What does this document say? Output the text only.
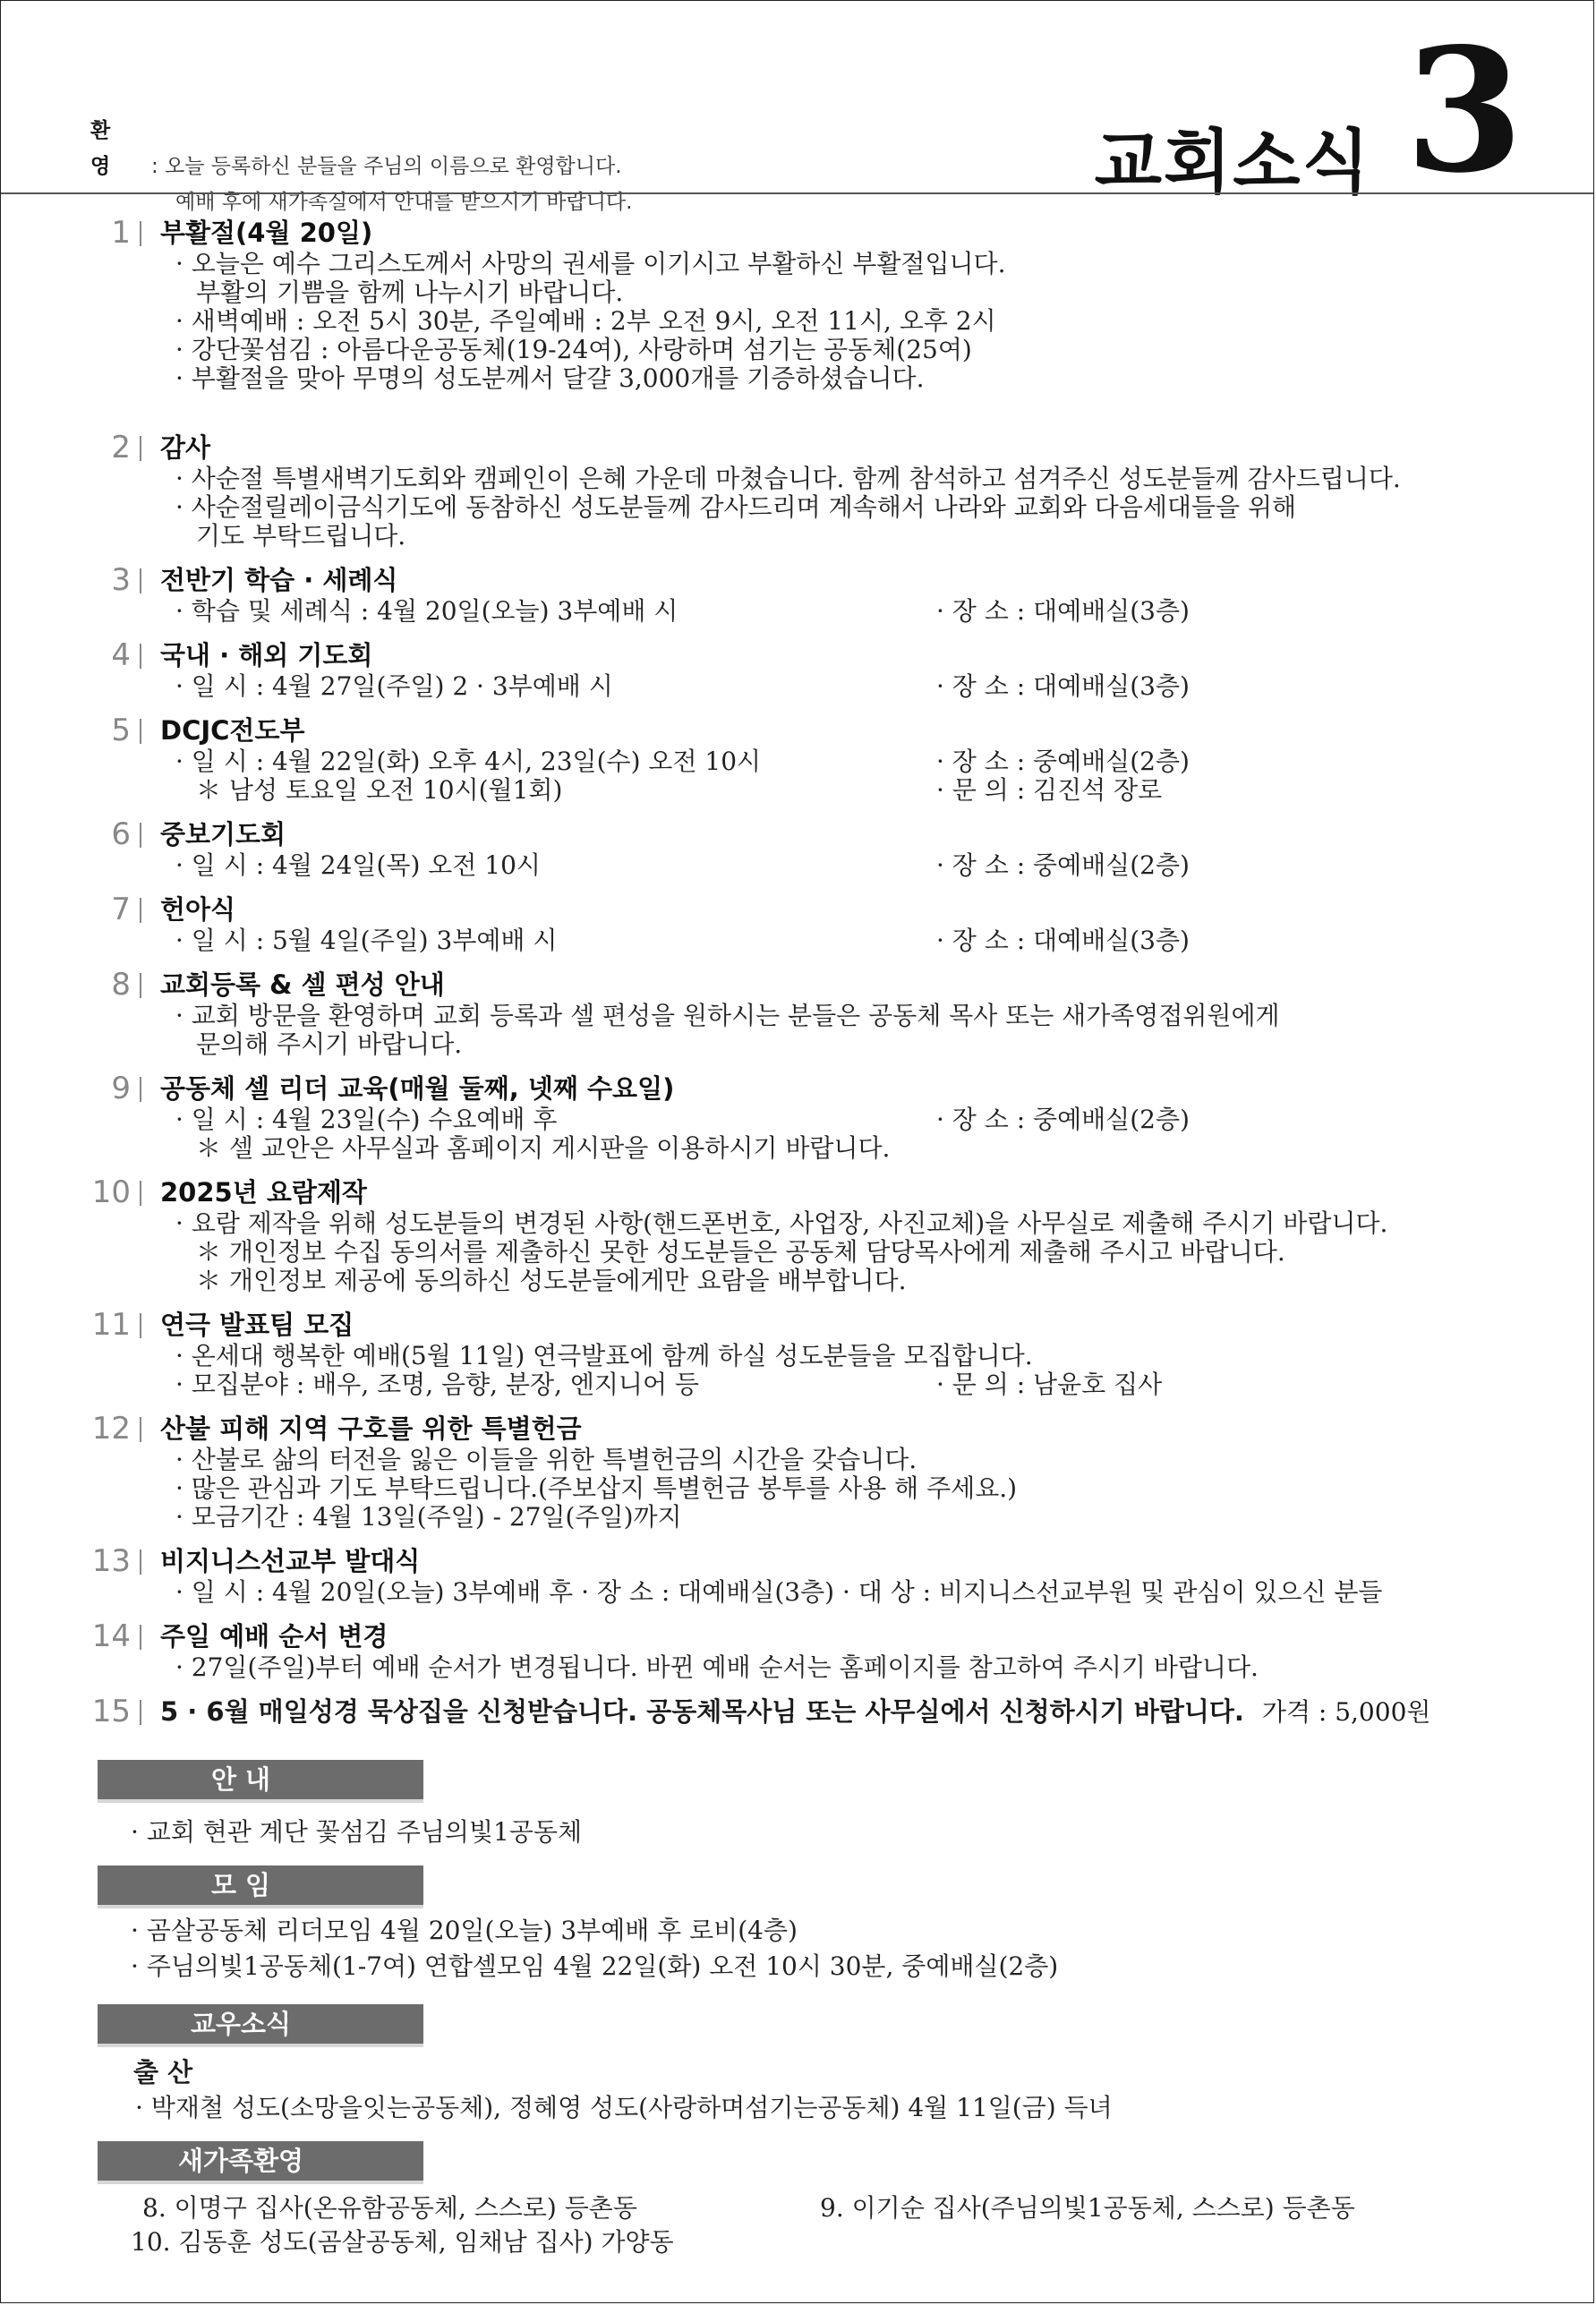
환 영 : 오늘 등록하신 분들을 주님의 이름으로 환영합니다.
예배 후에 새가족실에서 안내를 받으시기 바랍니다.	교회소식 3
1 부활절(4월 20일)
· 오늘은 예수 그리스도께서 사망의 권세를 이기시고 부활하신 부활절입니다.
부활의 기쁨을 함께 나누시기 바랍니다.
· 새벽예배 : 오전 5시 30분, 주일예배 : 2부 오전 9시, 오전 11시, 오후 2시
· 강단꽃섬김 : 아름다운공동체(19-24여), 사랑하며 섬기는 공동체(25여)
· 부활절을 맞아 무명의 성도분께서 달걀 3,000개를 기증하셨습니다.
2 감사
· 사순절 특별새벽기도회와 캠페인이 은혜 가운데 마쳤습니다. 함께 참석하고 섬겨주신 성도분들께 감사드립니다.
· 사순절릴레이금식기도에 동참하신 성도분들께 감사드리며 계속해서 나라와 교회와 다음세대들을 위해
기도 부탁드립니다.
3 전반기 학습 · 세례식
· 학습 및 세례식 : 4월 20일(오늘) 3부예배 시	· 장 소 : 대예배실(3층)
4 국내 · 해외 기도회
· 일 시 : 4월 27일(주일) 2 · 3부예배 시	· 장 소 : 대예배실(3층)
5 DCJC전도부
· 일 시 : 4월 22일(화) 오후 4시, 23일(수) 오전 10시	· 장 소 : 중예배실(2층)
＊ 남성 토요일 오전 10시(월1회)	· 문 의 : 김진석 장로
6 중보기도회
· 일 시 : 4월 24일(목) 오전 10시	· 장 소 : 중예배실(2층)
7 헌아식
· 일 시 : 5월 4일(주일) 3부예배 시	· 장 소 : 대예배실(3층)
8 교회등록 & 셀 편성 안내
· 교회 방문을 환영하며 교회 등록과 셀 편성을 원하시는 분들은 공동체 목사 또는 새가족영접위원에게
문의해 주시기 바랍니다.
9 공동체 셀 리더 교육(매월 둘째, 넷째 수요일)
· 일 시 : 4월 23일(수) 수요예배 후	· 장 소 : 중예배실(2층)
＊ 셀 교안은 사무실과 홈페이지 게시판을 이용하시기 바랍니다.
10 2025년 요람제작
· 요람 제작을 위해 성도분들의 변경된 사항(핸드폰번호, 사업장, 사진교체)을 사무실로 제출해 주시기 바랍니다.
＊ 개인정보 수집 동의서를 제출하신 못한 성도분들은 공동체 담당목사에게 제출해 주시고 바랍니다.
＊ 개인정보 제공에 동의하신 성도분들에게만 요람을 배부합니다.
11 연극 발표팀 모집
· 온세대 행복한 예배(5월 11일) 연극발표에 함께 하실 성도분들을 모집합니다.
· 모집분야 : 배우, 조명, 음향, 분장, 엔지니어 등	· 문 의 : 남윤호 집사
12 산불 피해 지역 구호를 위한 특별헌금
· 산불로 삶의 터전을 잃은 이들을 위한 특별헌금의 시간을 갖습니다.
· 많은 관심과 기도 부탁드립니다.(주보삽지 특별헌금 봉투를 사용 해 주세요.)
· 모금기간 : 4월 13일(주일) - 27일(주일)까지
13 비지니스선교부 발대식
· 일 시 : 4월 20일(오늘) 3부예배 후 · 장 소 : 대예배실(3층) · 대 상 : 비지니스선교부원 및 관심이 있으신 분들
14 주일 예배 순서 변경
· 27일(주일)부터 예배 순서가 변경됩니다. 바뀐 예배 순서는 홈페이지를 참고하여 주시기 바랍니다.
15 5 · 6월 매일성경 묵상집을 신청받습니다. 공동체목사님 또는 사무실에서 신청하시기 바랍니다. 가격 : 5,000원
안 내
· 교회 현관 계단 꽃섬김 주님의빛1공동체
모 임
· 곰살공동체 리더모임 4월 20일(오늘) 3부예배 후 로비(4층)
· 주님의빛1공동체(1-7여) 연합셀모임 4월 22일(화) 오전 10시 30분, 중예배실(2층)
교우소식
출 산
· 박재철 성도(소망을잇는공동체), 정혜영 성도(사랑하며섬기는공동체) 4월 11일(금) 득녀
새가족환영
8. 이명구 집사(온유함공동체, 스스로) 등촌동	9. 이기순 집사(주님의빛1공동체, 스스로) 등촌동
10. 김동훈 성도(곰살공동체, 임채남 집사) 가양동
